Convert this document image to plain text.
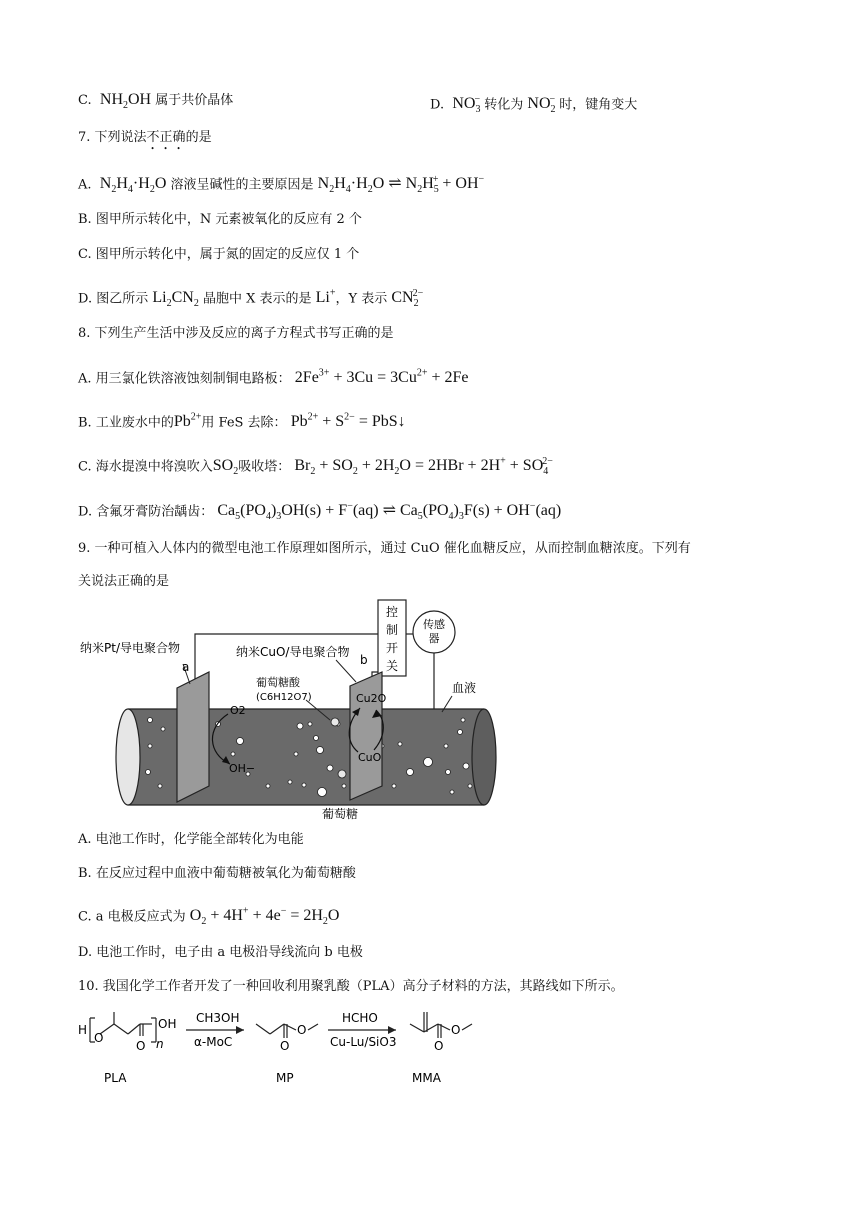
C. $NH_2OH$ 属于共价晶体	D. $NO_3^-$ 转化为 $NO_2^-$ 时，键角变大
7. 下列说法不正确的是
A. $N_2H_4\cdot H_2O$ 溶液呈碱性的主要原因是 $N_2H_4\cdot H_2O$ ⇌ $N_2H_5^+ + OH^-$
B. 图甲所示转化中，N 元素被氧化的反应有 2 个
C. 图甲所示转化中，属于氮的固定的反应仅 1 个
D. 图乙所示 $Li_2CN_2$ 晶胞中 X 表示的是 Li+，Y 表示 $CN_2^{2-}$
8. 下列生产生活中涉及反应的离子方程式书写正确的是
A. 用三氯化铁溶液蚀刻制铜电路板： $2Fe^{3+} + 3Cu = 3Cu^{2+} + 2Fe$
B. 工业废水中的$Pb^{2+}$用 FeS 去除： $Pb^{2+} + S^{2-}$ = PbS↓
C. 海水提溴中将溴吹入$SO_2$吸收塔： $Br_2 + SO_2 + 2H_2O = 2HBr + 2H^+ + SO_4^{2-}$
D. 含氟牙膏防治龋齿： $Ca_5(PO_4)_3OH(s) + F^-(aq)$ ⇌ $Ca_5(PO_4)_3F(s) + OH^-(aq)$
9. 一种可植入人体内的微型电池工作原理如图所示，通过 CuO 催化血糖反应，从而控制血糖浓度。下列有
关说法正确的是
控
制
开
关
传感
器
O2
OH−
Cu2O
CuO
纳米Pt/导电聚合物
a
纳米CuO/导电聚合物
b
葡萄糖酸
(C6H12O7)
血液
葡萄糖
A. 电池工作时，化学能全部转化为电能
B. 在反应过程中血液中葡萄糖被氧化为葡萄糖酸
C. a 电极反应式为 $O_2 + 4H^+ + 4e^- = 2H_2O$
D. 电池工作时，电子由 a 电极沿导线流向 b 电极
10. 我国化学工作者开发了一种回收利用聚乳酸（PLA）高分子材料的方法，其路线如下所示。
H
O
O
OH
n
CH3OH
α-MoC	O
O
HCHO
Cu-Lu/SiO3	O
O
PLA	MP	MMA
